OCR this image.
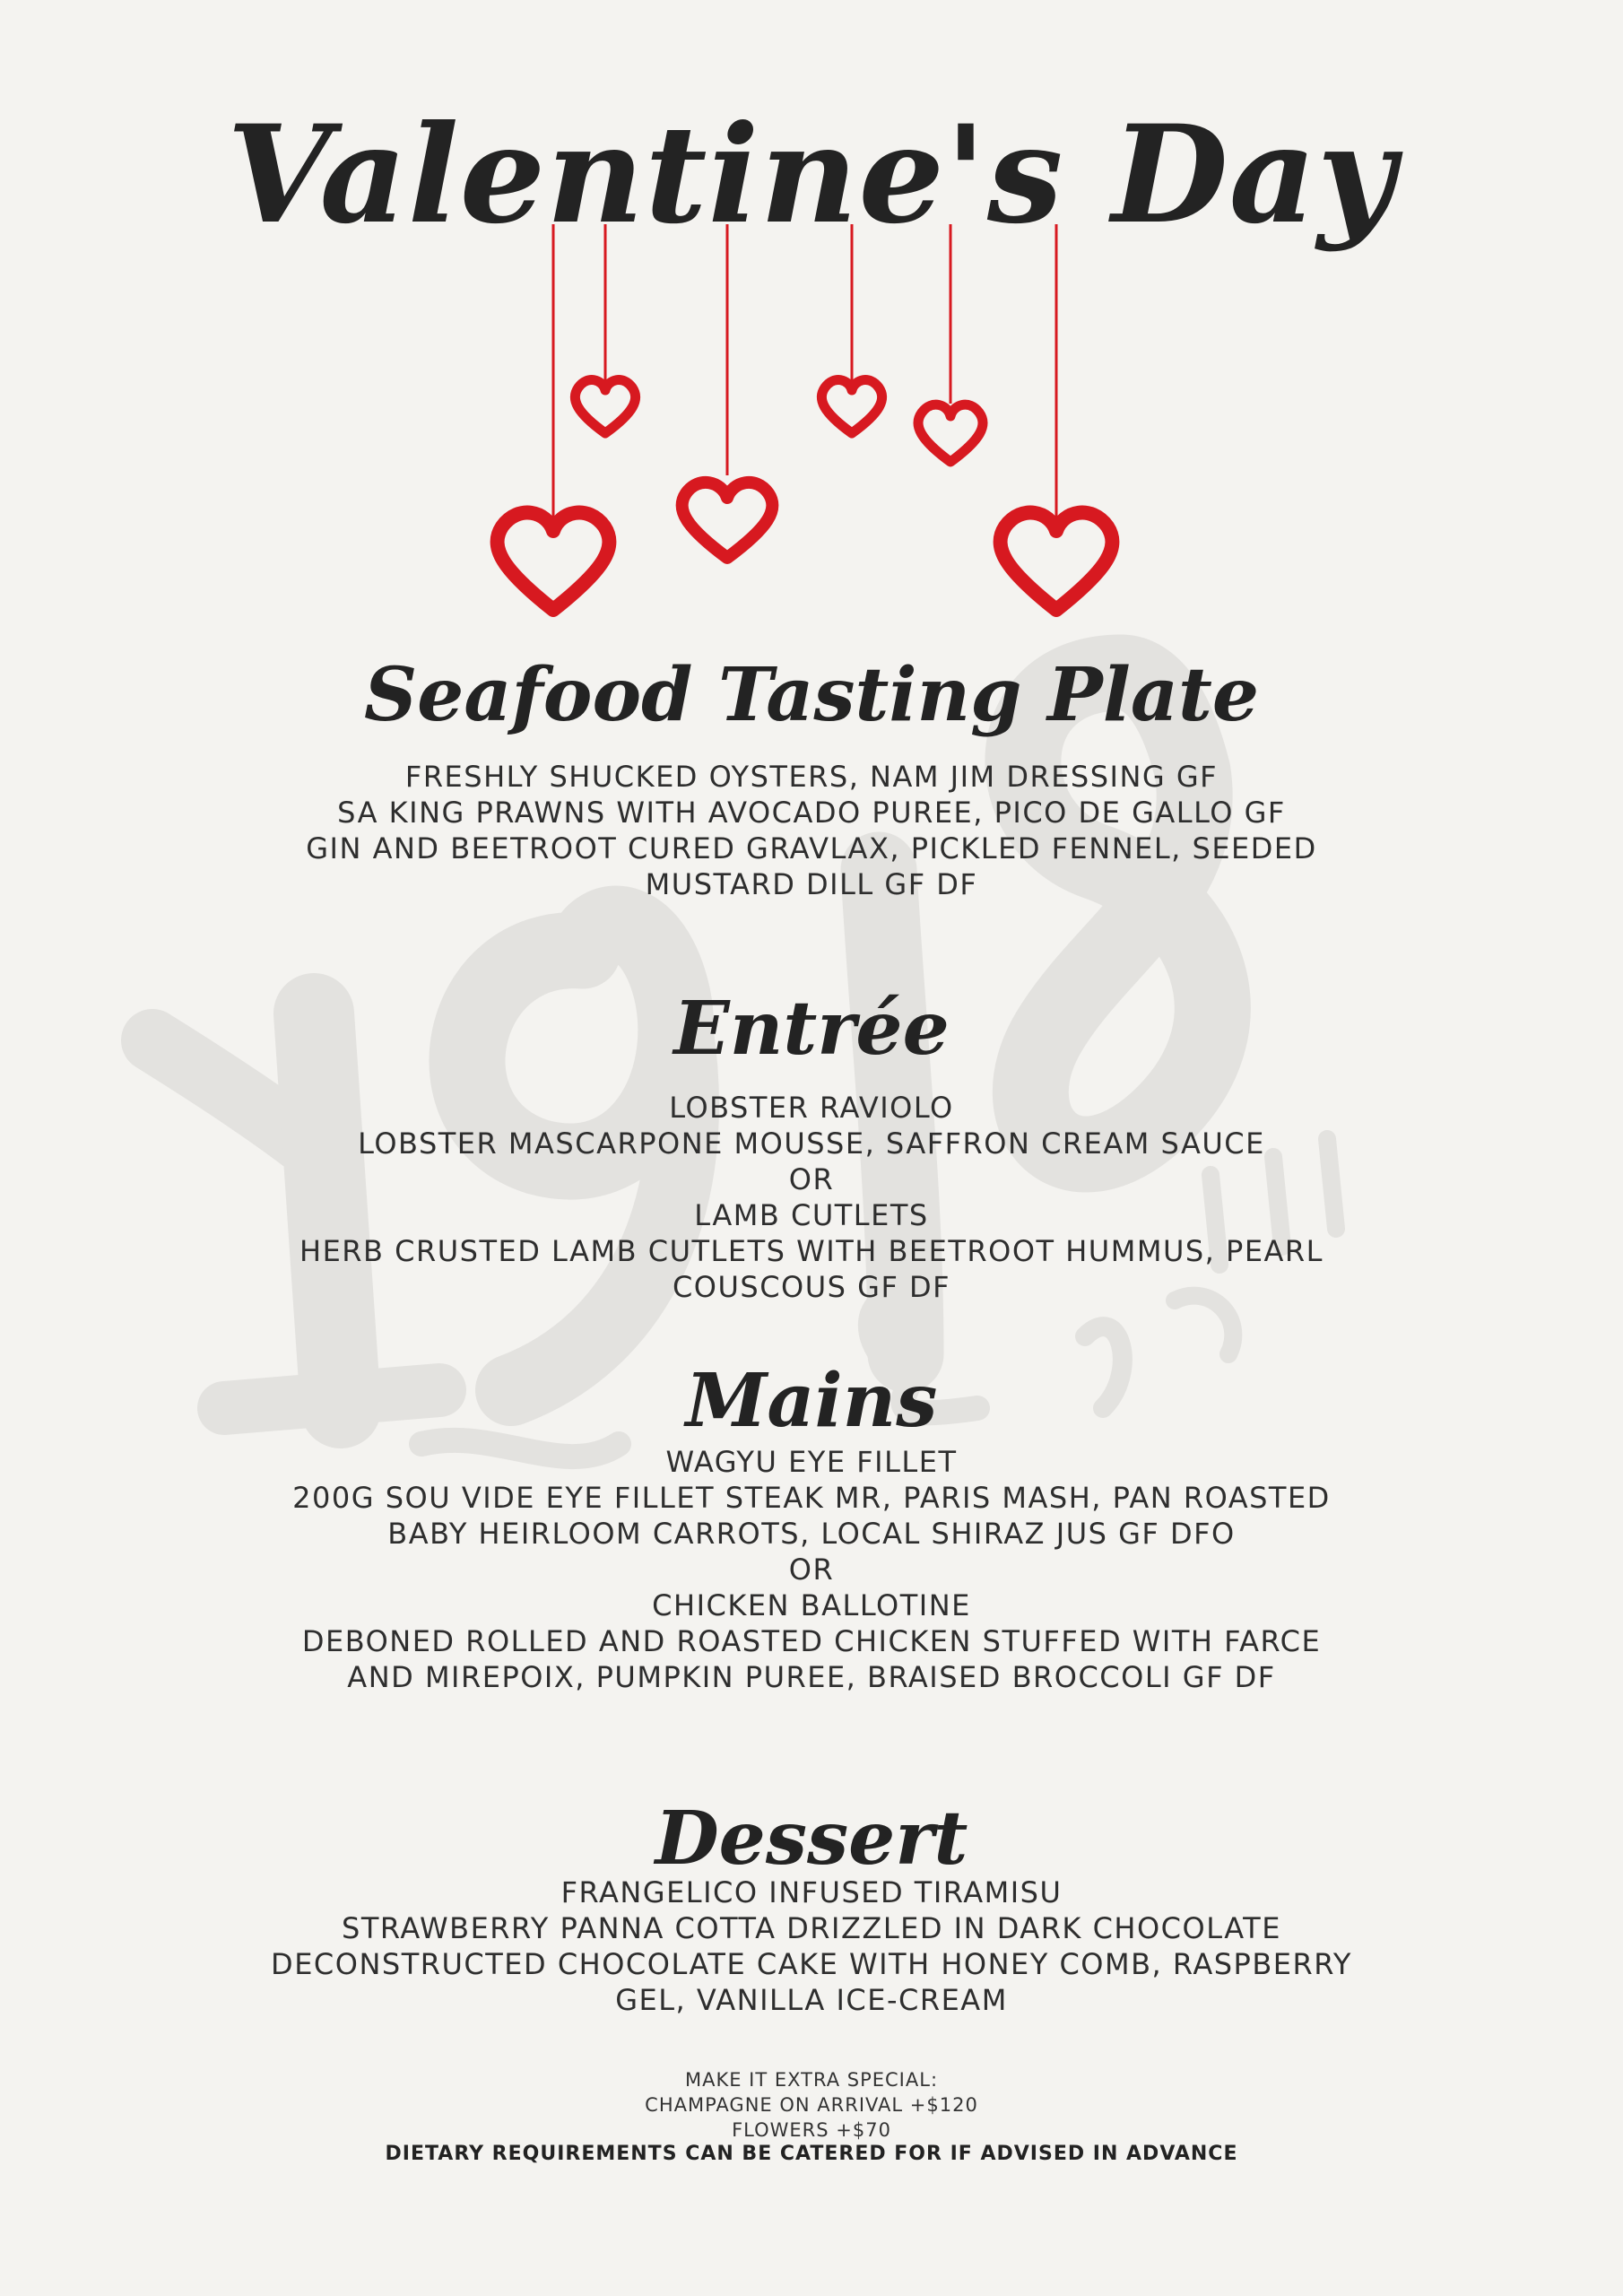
Valentine's Day
Seafood Tasting Plate
FRESHLY SHUCKED OYSTERS, NAM JIM DRESSING GF
SA KING PRAWNS WITH AVOCADO PUREE, PICO DE GALLO GF
GIN AND BEETROOT CURED GRAVLAX, PICKLED FENNEL, SEEDED
MUSTARD DILL GF DF
Entrée
LOBSTER RAVIOLO
LOBSTER MASCARPONE MOUSSE, SAFFRON CREAM SAUCE
OR
LAMB CUTLETS
HERB CRUSTED LAMB CUTLETS WITH BEETROOT HUMMUS, PEARL
COUSCOUS GF DF
Mains
WAGYU EYE FILLET
200G SOU VIDE EYE FILLET STEAK MR, PARIS MASH, PAN ROASTED
BABY HEIRLOOM CARROTS, LOCAL SHIRAZ JUS GF DFO
OR
CHICKEN BALLOTINE
DEBONED ROLLED AND ROASTED CHICKEN STUFFED WITH FARCE
AND MIREPOIX, PUMPKIN PUREE, BRAISED BROCCOLI GF DF
Dessert
FRANGELICO INFUSED TIRAMISU
STRAWBERRY PANNA COTTA DRIZZLED IN DARK CHOCOLATE
DECONSTRUCTED CHOCOLATE CAKE WITH HONEY COMB, RASPBERRY
GEL, VANILLA ICE-CREAM
MAKE IT EXTRA SPECIAL:
CHAMPAGNE ON ARRIVAL +$120
FLOWERS +$70
DIETARY REQUIREMENTS CAN BE CATERED FOR IF ADVISED IN ADVANCE
